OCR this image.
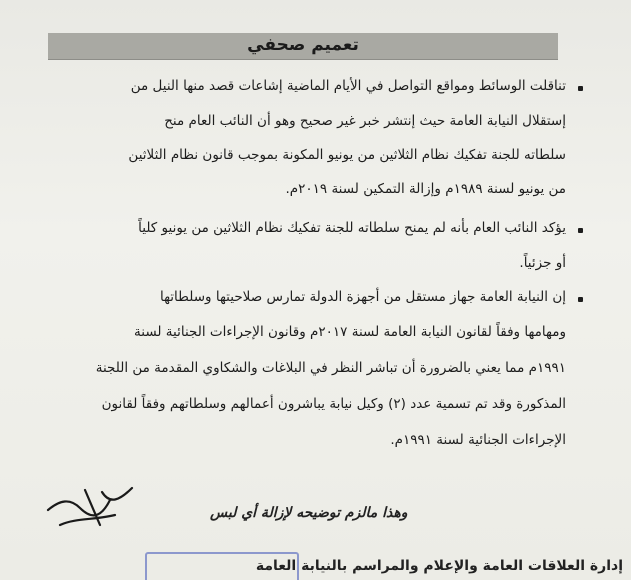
تعميم صحفي
تناقلت الوسائط ومواقع التواصل في الأيام الماضية إشاعات قصد منها النيل من
إستقلال النيابة العامة حيث إنتشر خبر غير صحيح وهو أن النائب العام منح
سلطاته للجنة تفكيك نظام الثلاثين من يونيو المكونة بموجب قانون نظام الثلاثين
من يونيو لسنة ١٩٨٩م وإزالة التمكين لسنة ٢٠١٩م.
يؤكد النائب العام بأنه لم يمنح سلطاته للجنة تفكيك نظام الثلاثين من يونيو كلياً
أو جزئياً.
إن النيابة العامة جهاز مستقل من أجهزة الدولة تمارس صلاحيتها وسلطاتها
ومهامها وفقاً لقانون النيابة العامة لسنة ٢٠١٧م وقانون الإجراءات الجنائية لسنة
١٩٩١م مما يعني بالضرورة أن تباشر النظر في البلاغات والشكاوي المقدمة من اللجنة
المذكورة وقد تم تسمية عدد (٢) وكيل نيابة يباشرون أعمالهم وسلطاتهم وفقاً لقانون
الإجراءات الجنائية لسنة ١٩٩١م.
وهذا مالزم توضيحه لإزالة أي لبس
إدارة العلاقات العامة والإعلام والمراسم بالنيابة العامة
